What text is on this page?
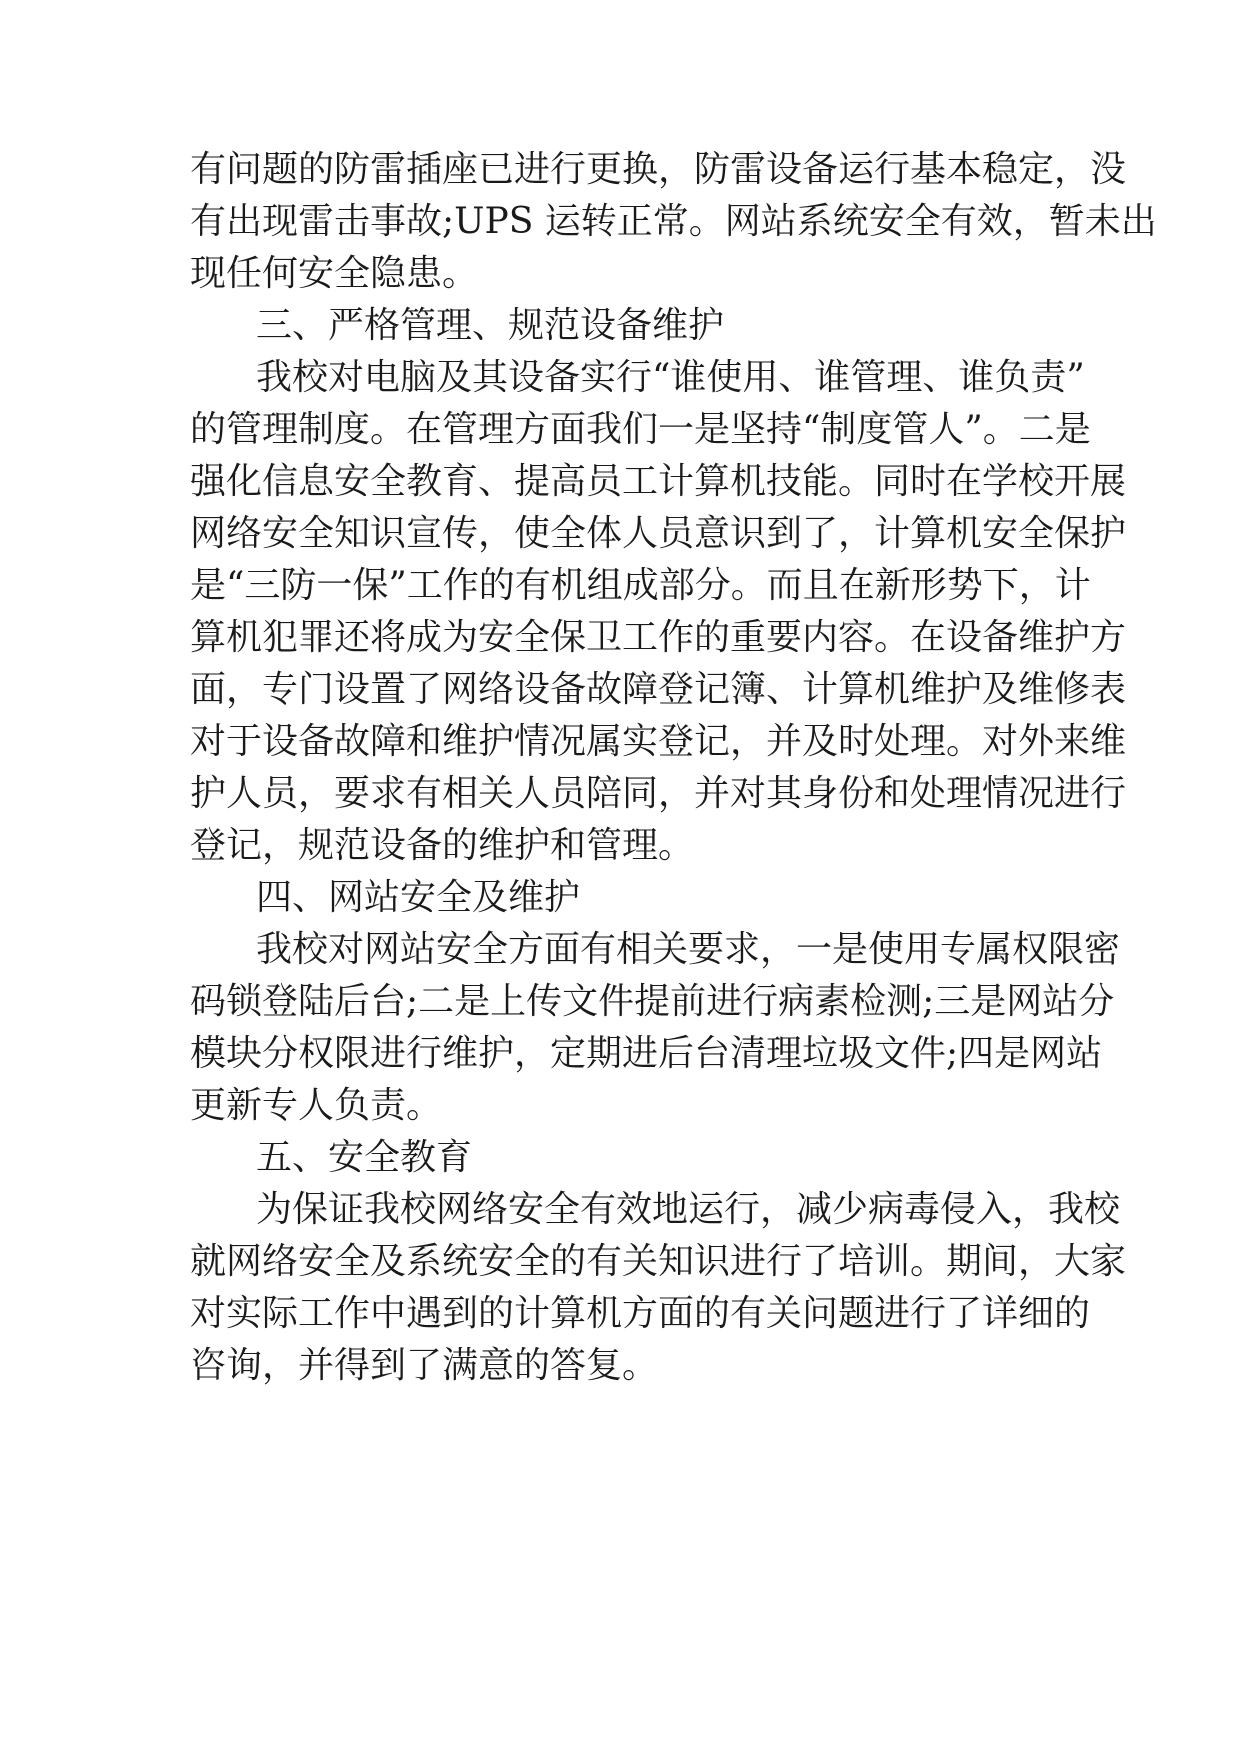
有问题的防雷插座已进行更换，防雷设备运行基本稳定，没
有出现雷击事故;UPS 运转正常。网站系统安全有效，暂未出
现任何安全隐患。
三、严格管理、规范设备维护
我校对电脑及其设备实行“谁使用、谁管理、谁负责”
的管理制度。在管理方面我们一是坚持“制度管人”。二是
强化信息安全教育、提高员工计算机技能。同时在学校开展
网络安全知识宣传，使全体人员意识到了，计算机安全保护
是“三防一保”工作的有机组成部分。而且在新形势下，计
算机犯罪还将成为安全保卫工作的重要内容。在设备维护方
面，专门设置了网络设备故障登记簿、计算机维护及维修表
对于设备故障和维护情况属实登记，并及时处理。对外来维
护人员，要求有相关人员陪同，并对其身份和处理情况进行
登记，规范设备的维护和管理。
四、网站安全及维护
我校对网站安全方面有相关要求，一是使用专属权限密
码锁登陆后台;二是上传文件提前进行病素检测;三是网站分
模块分权限进行维护，定期进后台清理垃圾文件;四是网站
更新专人负责。
五、安全教育
为保证我校网络安全有效地运行，减少病毒侵入，我校
就网络安全及系统安全的有关知识进行了培训。期间，大家
对实际工作中遇到的计算机方面的有关问题进行了详细的
咨询，并得到了满意的答复。
